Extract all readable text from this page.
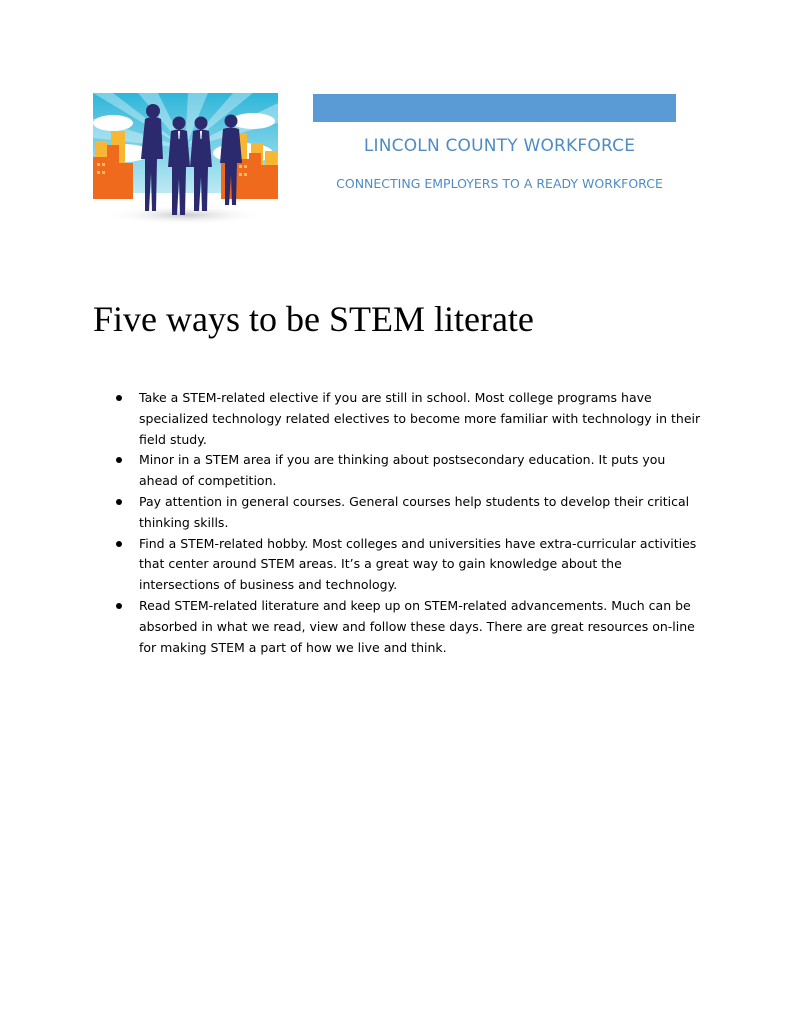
LINCOLN COUNTY WORKFORCE
CONNECTING EMPLOYERS TO A READY WORKFORCE
Five ways to be STEM literate
Take a STEM-related elective if you are still in school. Most college programs have specialized technology related electives to become more familiar with technology in their field study.
Minor in a STEM area if you are thinking about postsecondary education. It puts you ahead of competition.
Pay attention in general courses. General courses help students to develop their critical thinking skills.
Find a STEM-related hobby. Most colleges and universities have extra-curricular activities that center around STEM areas. It’s a great way to gain knowledge about the intersections of business and technology.
Read STEM-related literature and keep up on STEM-related advancements. Much can be absorbed in what we read, view and follow these days. There are great resources on-line for making STEM a part of how we live and think.
